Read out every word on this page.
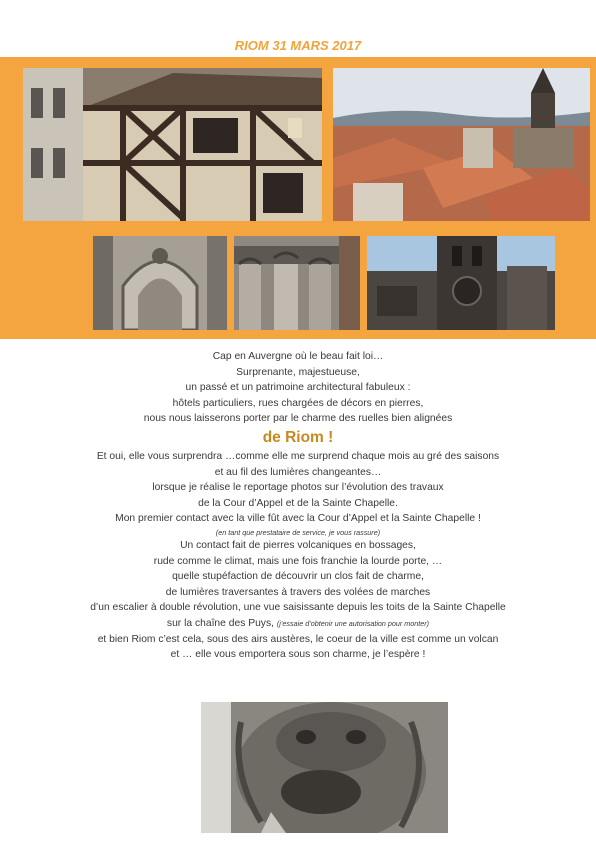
RIOM 31 MARS 2017
Cap en Auvergne où le beau fait loi…
Surprenante, majestueuse,
un passé et un patrimoine architectural fabuleux :
hôtels particuliers, rues chargées de décors en pierres,
nous nous laisserons porter par le charme des ruelles bien alignées
de Riom !
Et oui, elle vous surprendra …comme elle me surprend chaque mois au gré des saisons
et au fil des lumières changeantes…
lorsque je réalise le reportage photos sur l’évolution des travaux
de la Cour d’Appel et de la Sainte Chapelle.
Mon premier contact avec la ville fût avec la Cour d’Appel et la Sainte Chapelle !
(en tant que prestataire de service, je vous rassure)
Un contact fait de pierres volcaniques en bossages,
rude comme le climat, mais une fois franchie la lourde porte, …
quelle stupéfaction de découvrir un clos fait de charme,
de lumières traversantes à travers des volées de marches
d’un escalier à double révolution, une vue saisissante depuis les toits de la Sainte Chapelle
sur la chaîne des Puys, (j’essaie d’obtenir une autorisation pour monter)
et bien Riom c’est cela, sous des airs austères, le coeur de la ville est comme un volcan
et … elle vous emportera sous son charme, je l’espère !
